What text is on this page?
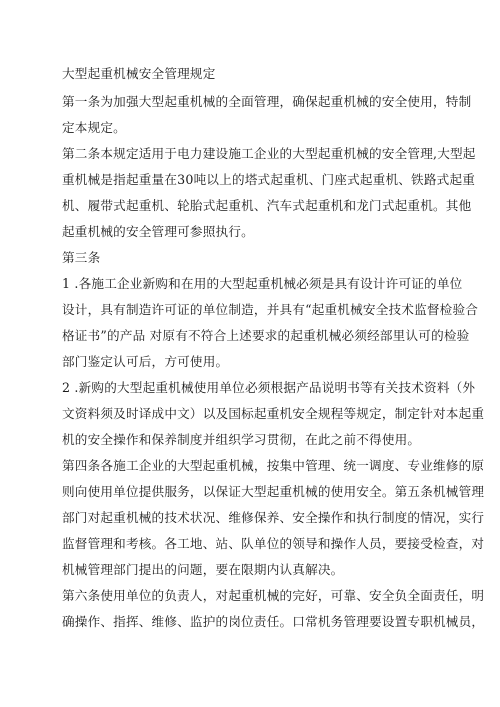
大型起重机械安全管理规定
第一条为加强大型起重机械的全面管理，确保起重机械的安全使用，特制
定本规定。
第二条本规定适用于电力建设施工企业的大型起重机械的安全管理,大型起
重机械是指起重量在30吨以上的塔式起重机、门座式起重机、铁路式起重
机、履带式起重机、轮胎式起重机、汽车式起重机和龙门式起重机。其他
起重机械的安全管理可参照执行。
第三条
1 .各施工企业新购和在用的大型起重机械必须是具有设计许可证的单位
设计，具有制造许可证的单位制造，并具有“起重机械安全技术监督检验合
格证书”的产品 对原有不符合上述要求的起重机械必须经部里认可的检验
部门鉴定认可后，方可使用。
2 .新购的大型起重机械使用单位必须根据产品说明书等有关技术资料（外
文资料须及时译成中文）以及国标起重机安全规程等规定，制定针对本起重
机的安全操作和保养制度并组织学习贯彻，在此之前不得使用。
第四条各施工企业的大型起重机械，按集中管理、统一调度、专业维修的原
则向使用单位提供服务，以保证大型起重机械的使用安全。第五条机械管理
部门对起重机械的技术状况、维修保养、安全操作和执行制度的情况，实行
监督管理和考核。各工地、站、队单位的领导和操作人员，要接受检查，对
机械管理部门提出的问题，要在限期内认真解决。
第六条使用单位的负责人，对起重机械的完好，可靠、安全负全面责任，明
确操作、指挥、维修、监护的岗位责任。口常机务管理要设置专职机械员，
